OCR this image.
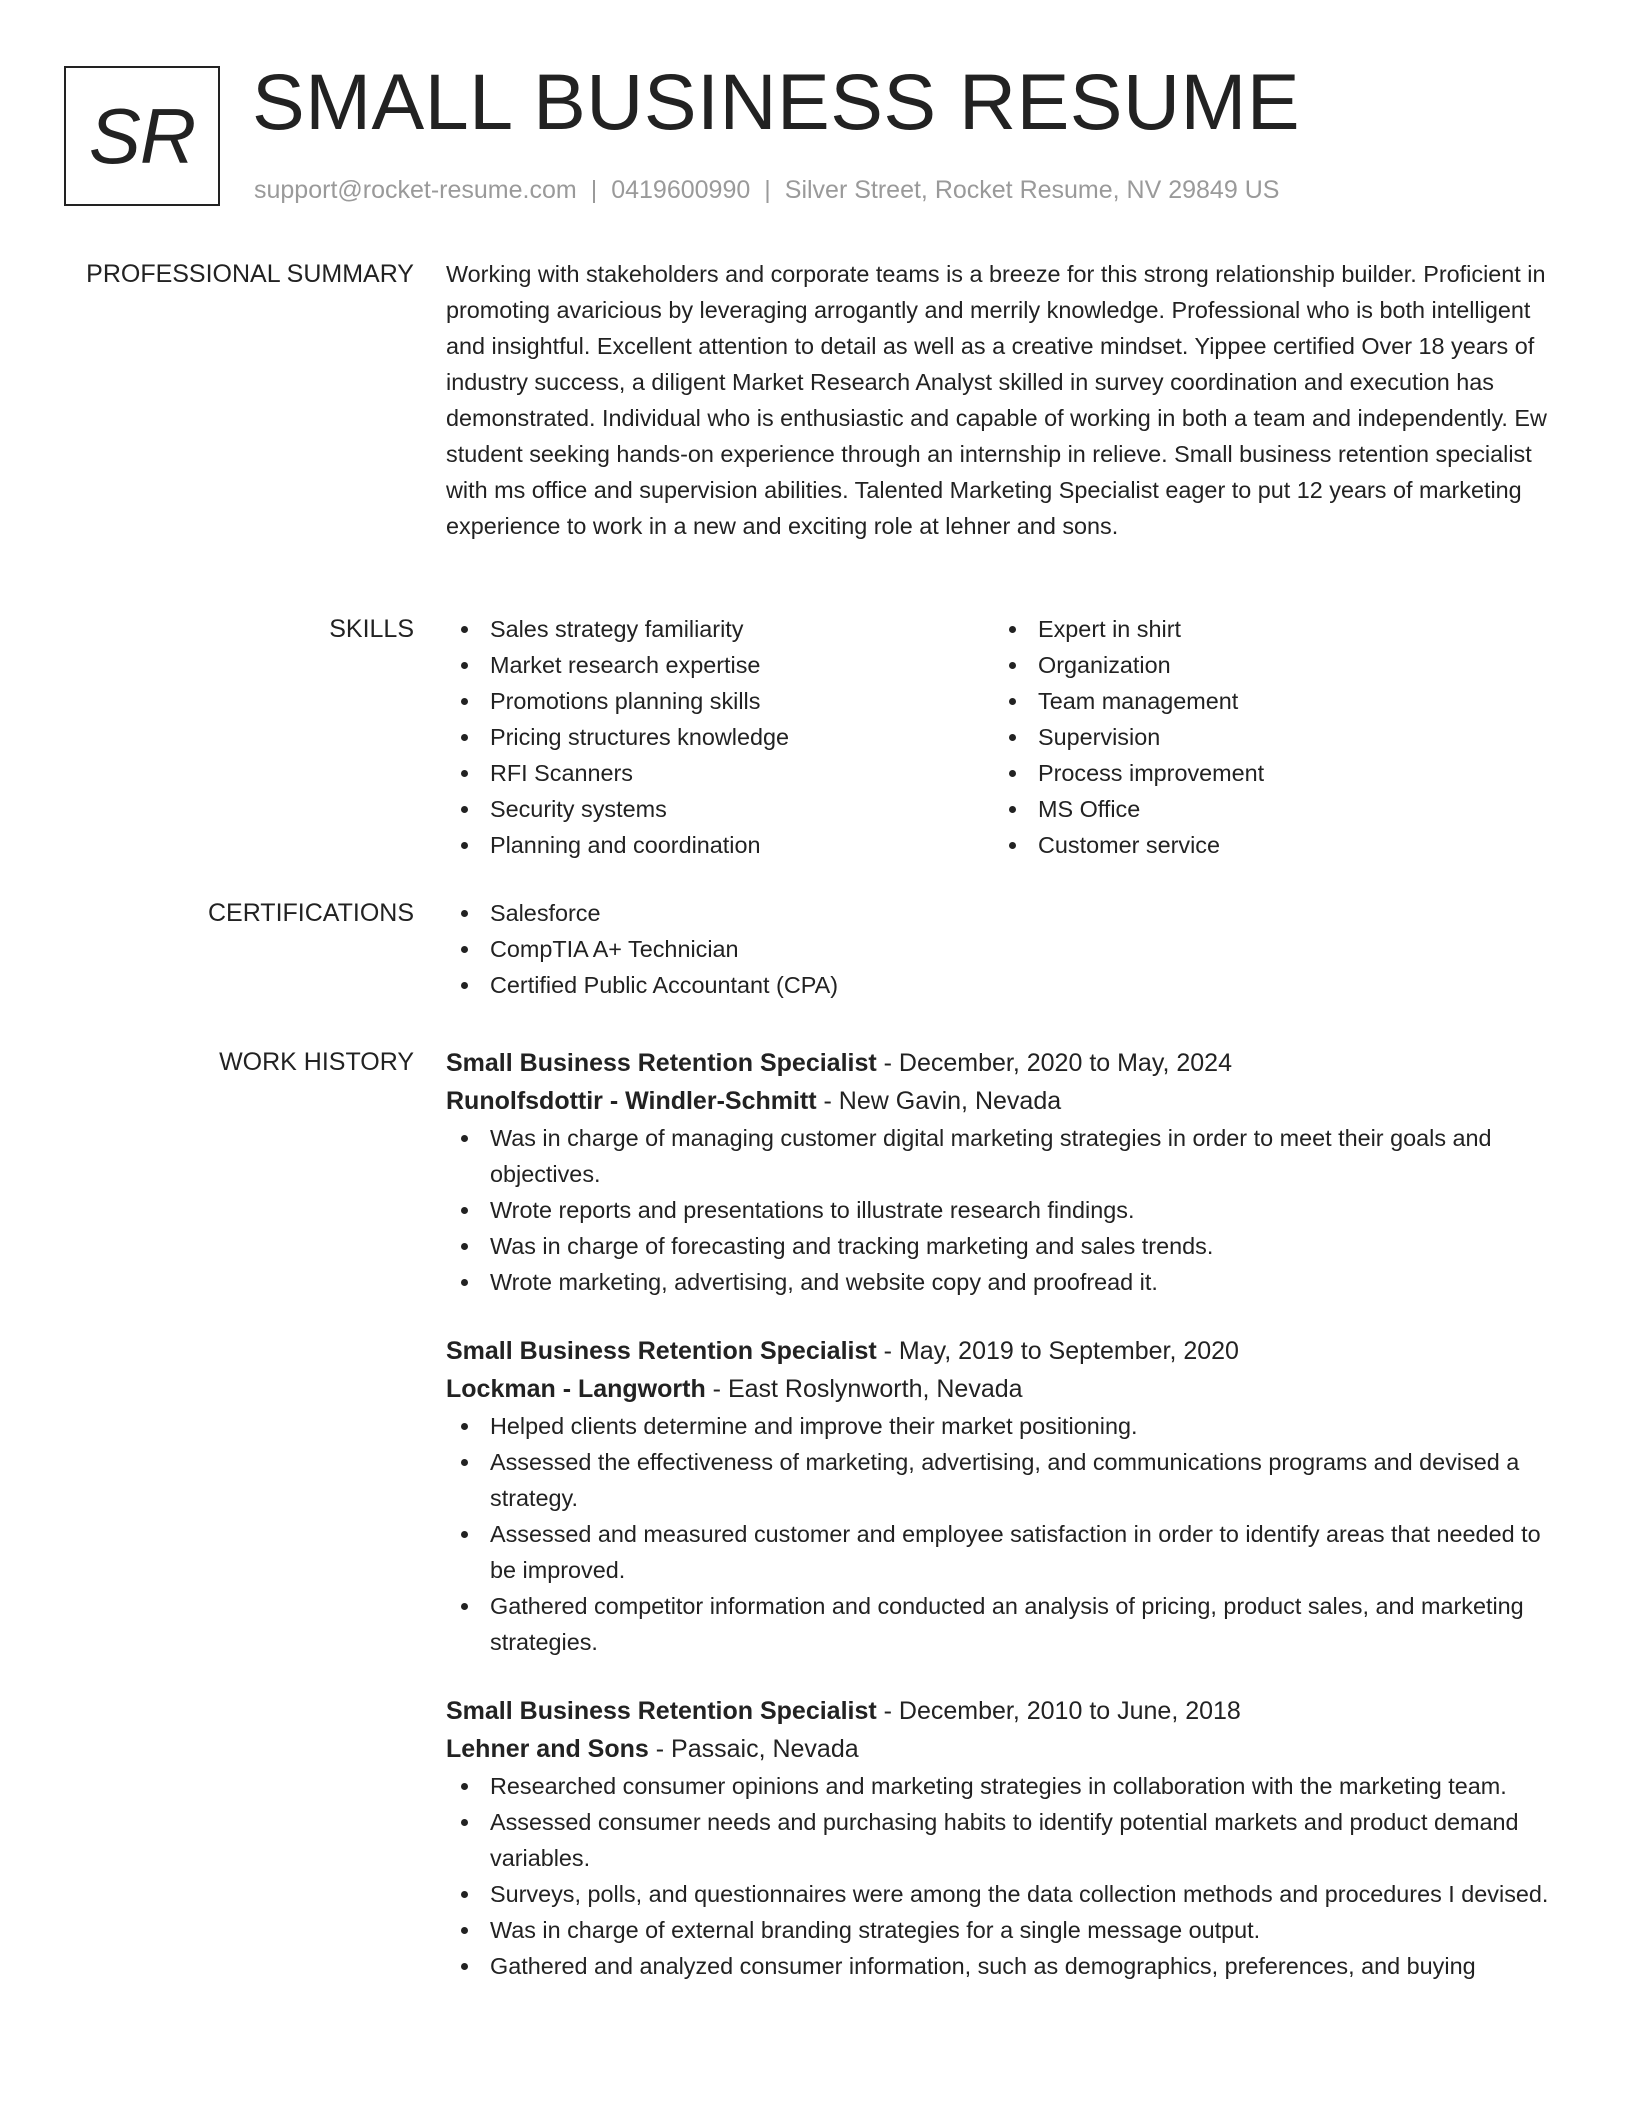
SR SMALL BUSINESS RESUME
support@rocket-resume.com | 0419600990 | Silver Street, Rocket Resume, NV 29849 US
PROFESSIONAL SUMMARY Working with stakeholders and corporate teams is a breeze for this strong relationship builder. Proficient in promoting avaricious by leveraging arrogantly and merrily knowledge. Professional who is both intelligent and insightful. Excellent attention to detail as well as a creative mindset. Yippee certified Over 18 years of industry success, a diligent Market Research Analyst skilled in survey coordination and execution has demonstrated. Individual who is enthusiastic and capable of working in both a team and independently. Ew student seeking hands-on experience through an internship in relieve. Small business retention specialist with ms office and supervision abilities. Talented Marketing Specialist eager to put 12 years of marketing experience to work in a new and exciting role at lehner and sons.
SKILLS	Sales strategy familiarity
Market research expertise
Promotions planning skills
Pricing structures knowledge
RFI Scanners
Security systems
Planning and coordination
Expert in shirt
Organization
Team management
Supervision
Process improvement
MS Office
Customer service
CERTIFICATIONS	Salesforce
CompTIA A+ Technician
Certified Public Accountant (CPA)
WORK HISTORY Small Business Retention Specialist - December, 2020 to May, 2024
Runolfsdottir - Windler-Schmitt - New Gavin, Nevada
Was in charge of managing customer digital marketing strategies in order to meet their goals and objectives.
Wrote reports and presentations to illustrate research findings.
Was in charge of forecasting and tracking marketing and sales trends.
Wrote marketing, advertising, and website copy and proofread it.
Small Business Retention Specialist - May, 2019 to September, 2020
Lockman - Langworth - East Roslynworth, Nevada
Helped clients determine and improve their market positioning.
Assessed the effectiveness of marketing, advertising, and communications programs and devised a strategy.
Assessed and measured customer and employee satisfaction in order to identify areas that needed to be improved.
Gathered competitor information and conducted an analysis of pricing, product sales, and marketing strategies.
Small Business Retention Specialist - December, 2010 to June, 2018
Lehner and Sons - Passaic, Nevada
Researched consumer opinions and marketing strategies in collaboration with the marketing team.
Assessed consumer needs and purchasing habits to identify potential markets and product demand variables.
Surveys, polls, and questionnaires were among the data collection methods and procedures I devised.
Was in charge of external branding strategies for a single message output.
Gathered and analyzed consumer information, such as demographics, preferences, and buying
